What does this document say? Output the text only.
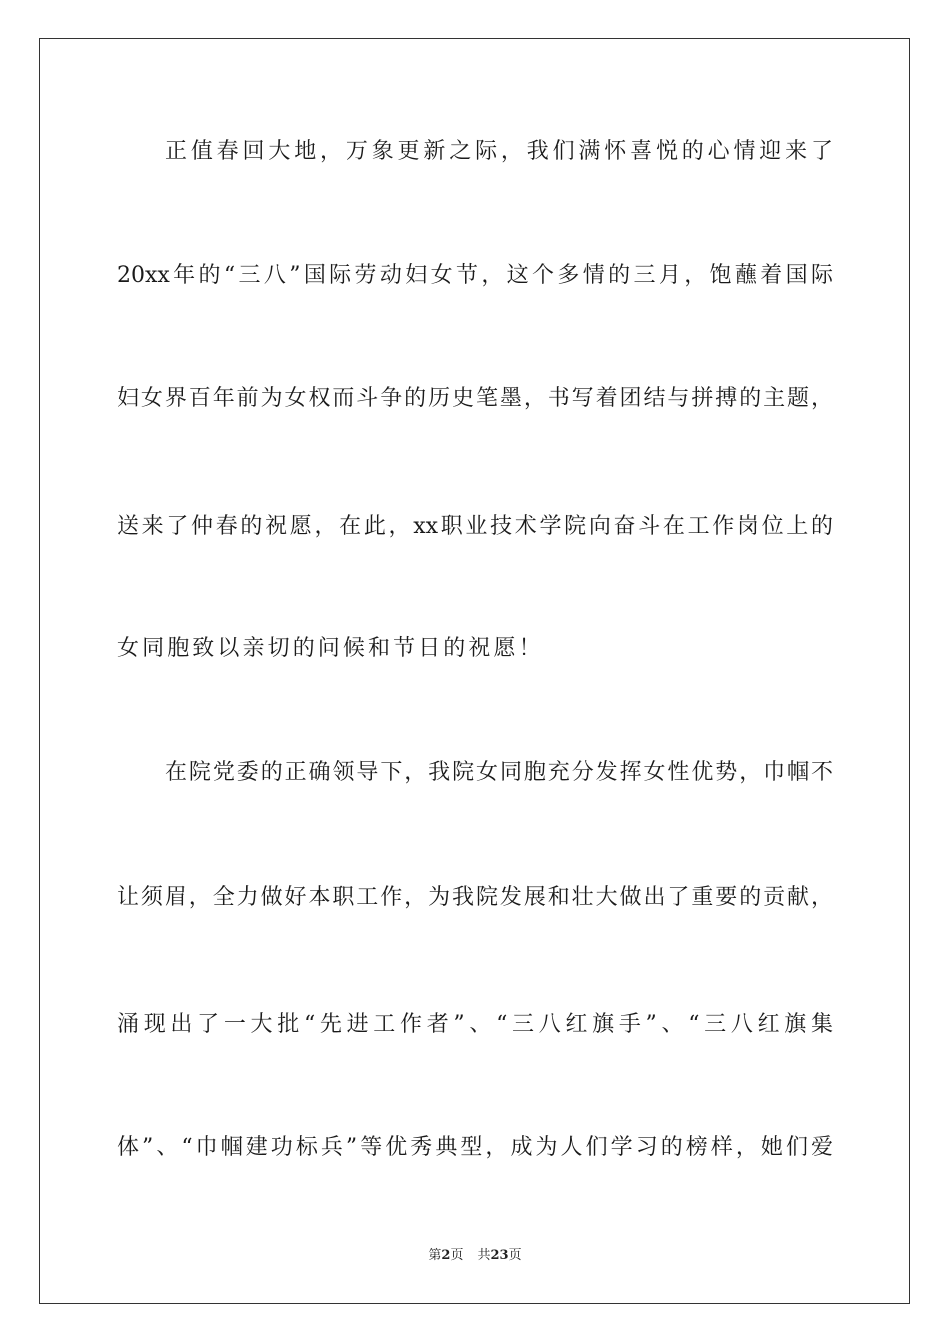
正值春回大地，万象更新之际，我们满怀喜悦的心情迎来了
20xx年的“三八”国际劳动妇女节，这个多情的三月，饱蘸着国际
妇女界百年前为女权而斗争的历史笔墨，书写着团结与拼搏的主题，
送来了仲春的祝愿，在此，xx职业技术学院向奋斗在工作岗位上的
女同胞致以亲切的问候和节日的祝愿！
在院党委的正确领导下，我院女同胞充分发挥女性优势，巾帼不
让须眉，全力做好本职工作，为我院发展和壮大做出了重要的贡献，
涌现出了一大批“先进工作者”、“三八红旗手”、“三八红旗集
体”、“巾帼建功标兵”等优秀典型，成为人们学习的榜样，她们爱
第2页 共23页
